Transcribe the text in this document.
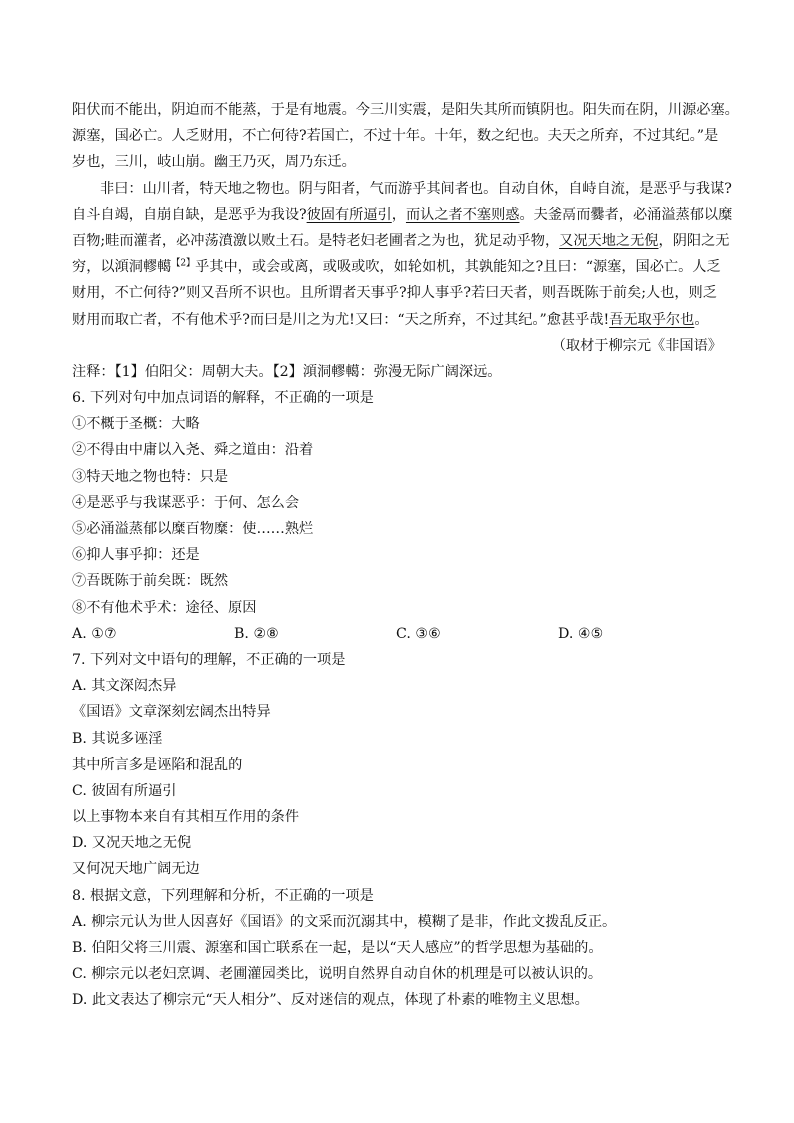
阳伏而不能出，阴迫而不能蒸，于是有地震。今三川实震，是阳失其所而镇阴也。阳失而在阴，川源必塞。
源塞，国必亡。人乏财用，不亡何待?若国亡，不过十年。十年，数之纪也。夫天之所弃，不过其纪。”是
岁也，三川，岐山崩。幽王乃灭，周乃东迁。
非曰：山川者，特天地之物也。阴与阳者，气而游乎其间者也。自动自休，自峙自流，是恶乎与我谋?
自斗自竭，自崩自缺，是恶乎为我设?彼固有所逼引，而认之者不塞则惑。夫釜鬲而爨者，必涌溢蒸郁以糜
百物;畦而灌者，必冲荡濆激以败土石。是特老妇老圃者之为也，犹足动乎物，又况天地之无倪，阴阳之无
穷，以澒洞轇轕$^{【2】}$乎其中，或会或离，或吸或吹，如轮如机，其孰能知之?且曰：“源塞，国必亡。人乏
财用，不亡何待?”则又吾所不识也。且所谓者天事乎?抑人事乎?若曰天者，则吾既陈于前矣;人也，则乏
财用而取亡者，不有他术乎?而曰是川之为尤!又曰：“天之所弃，不过其纪。”愈甚乎哉!吾无取乎尔也。
（取材于柳宗元《非国语》
注释：【1】伯阳父：周朝大夫。【2】澒洞轇轕：弥漫无际广阔深远。
6. 下列对句中加点词语的解释，不正确的一项是
①不概于圣概：大略
②不得由中庸以入尧、舜之道由：沿着
③特天地之物也特：只是
④是恶乎与我谋恶乎：于何、怎么会
⑤必涌溢蒸郁以糜百物糜：使……熟烂
⑥抑人事乎抑：还是
⑦吾既陈于前矣既：既然
⑧不有他术乎术：途径、原因
A. ①⑦	B. ②⑧	C. ③⑥	D. ④⑤
7. 下列对文中语句的理解，不正确的一项是
A. 其文深闳杰异
《国语》文章深刻宏阔杰出特异
B. 其说多诬淫
其中所言多是诬陷和混乱的
C. 彼固有所逼引
以上事物本来自有其相互作用的条件
D. 又况天地之无倪
又何况天地广阔无边
8. 根据文意，下列理解和分析，不正确的一项是
A. 柳宗元认为世人因喜好《国语》的文采而沉溺其中，模糊了是非，作此文拨乱反正。
B. 伯阳父将三川震、源塞和国亡联系在一起，是以“天人感应”的哲学思想为基础的。
C. 柳宗元以老妇烹调、老圃灌园类比，说明自然界自动自休的机理是可以被认识的。
D. 此文表达了柳宗元“天人相分”、反对迷信的观点，体现了朴素的唯物主义思想。
